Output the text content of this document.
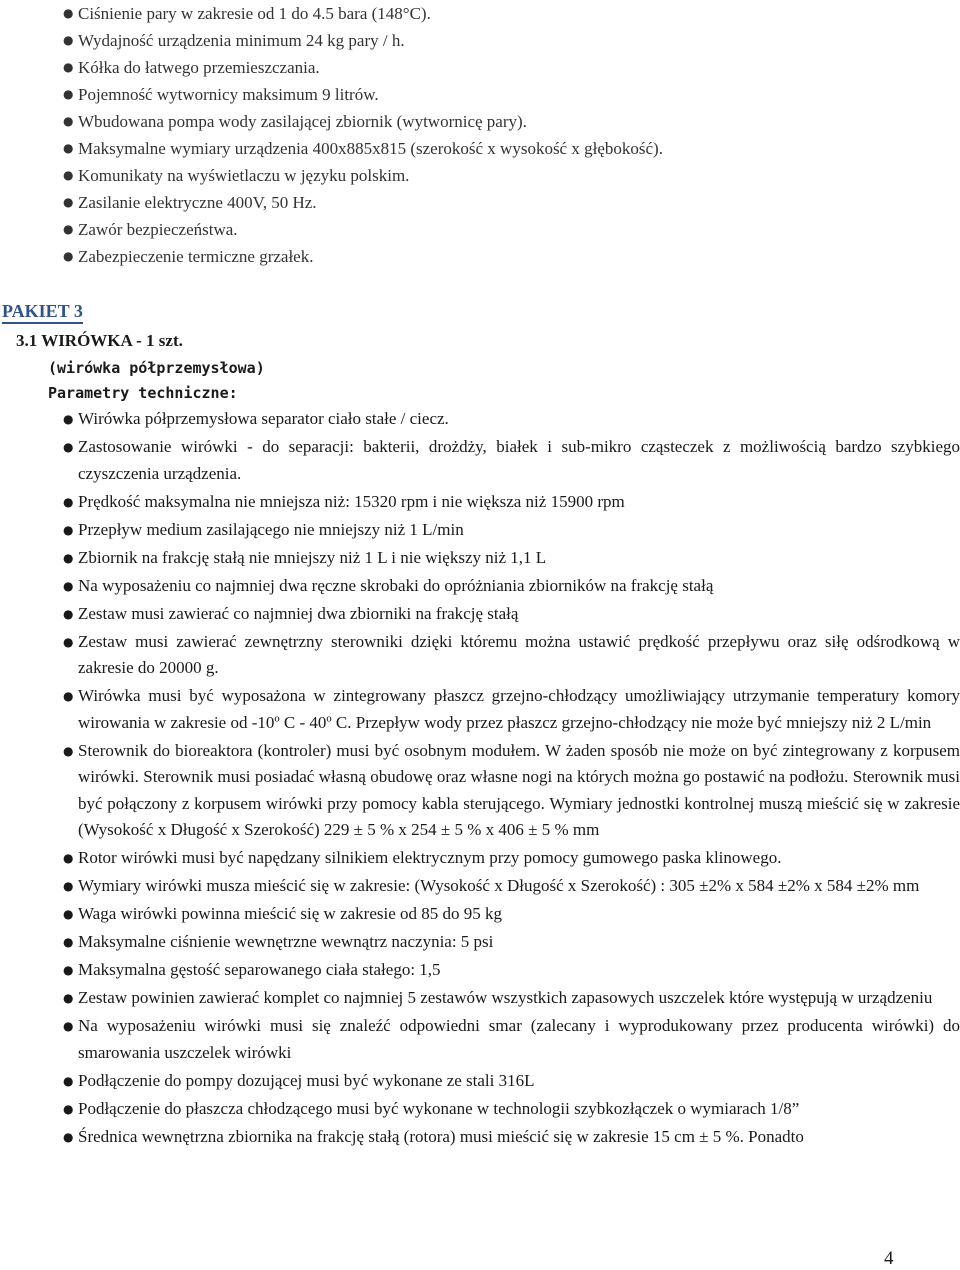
● Ciśnienie pary w zakresie od 1 do 4.5 bara (148°C).
● Wydajność urządzenia minimum 24 kg pary / h.
● Kółka do łatwego przemieszczania.
● Pojemność wytwornicy maksimum 9 litrów.
● Wbudowana pompa wody zasilającej zbiornik (wytwornicę pary).
● Maksymalne wymiary urządzenia 400x885x815 (szerokość x wysokość x głębokość).
● Komunikaty na wyświetlaczu w języku polskim.
● Zasilanie elektryczne 400V, 50 Hz.
● Zawór bezpieczeństwa.
● Zabezpieczenie termiczne grzałek.
PAKIET 3
3.1 WIRÓWKA - 1 szt.
(wirówka półprzemysłowa)
Parametry techniczne:
● Wirówka półprzemysłowa separator ciało stałe / ciecz.
● Zastosowanie wirówki - do separacji: bakterii, drożdży, białek i sub-mikro cząsteczek z możliwością bardzo szybkiego czyszczenia urządzenia.
● Prędkość maksymalna nie mniejsza niż: 15320 rpm i nie większa niż 15900 rpm
● Przepływ medium zasilającego nie mniejszy niż 1 L/min
● Zbiornik na frakcję stałą nie mniejszy niż 1 L i nie większy niż 1,1 L
● Na wyposażeniu co najmniej dwa ręczne skrobaki do opróżniania zbiorników na frakcję stałą
● Zestaw musi zawierać co najmniej dwa zbiorniki na frakcję stałą
● Zestaw musi zawierać zewnętrzny sterowniki dzięki któremu można ustawić prędkość przepływu oraz siłę odśrodkową w zakresie do 20000 g.
● Wirówka musi być wyposażona w zintegrowany płaszcz grzejno-chłodzący umożliwiający utrzymanie temperatury komory wirowania w zakresie od -10º C - 40º C. Przepływ wody przez płaszcz grzejno-chłodzący nie może być mniejszy niż 2 L/min
● Sterownik do bioreaktora (kontroler) musi być osobnym modułem. W żaden sposób nie może on być zintegrowany z korpusem wirówki. Sterownik musi posiadać własną obudowę oraz własne nogi na których można go postawić na podłożu. Sterownik musi być połączony z korpusem wirówki przy pomocy kabla sterującego. Wymiary jednostki kontrolnej muszą mieścić się w zakresie (Wysokość x Długość x Szerokość) 229 ± 5 % x 254 ± 5 % x 406 ± 5 % mm
● Rotor wirówki musi być napędzany silnikiem elektrycznym przy pomocy gumowego paska klinowego.
● Wymiary wirówki musza mieścić się w zakresie: (Wysokość x Długość x Szerokość) : 305 ±2% x 584 ±2% x 584 ±2% mm
● Waga wirówki powinna mieścić się w zakresie od 85 do 95 kg
● Maksymalne ciśnienie wewnętrzne wewnątrz naczynia: 5 psi
● Maksymalna gęstość separowanego ciała stałego: 1,5
● Zestaw powinien zawierać komplet co najmniej 5 zestawów wszystkich zapasowych uszczelek które występują w urządzeniu
● Na wyposażeniu wirówki musi się znaleźć odpowiedni smar (zalecany i wyprodukowany przez producenta wirówki) do smarowania uszczelek wirówki
● Podłączenie do pompy dozującej musi być wykonane ze stali 316L
● Podłączenie do płaszcza chłodzącego musi być wykonane w technologii szybkozłączek o wymiarach 1/8”
● Średnica wewnętrzna zbiornika na frakcję stałą (rotora) musi mieścić się w zakresie 15 cm ± 5 %. Ponadto
4
